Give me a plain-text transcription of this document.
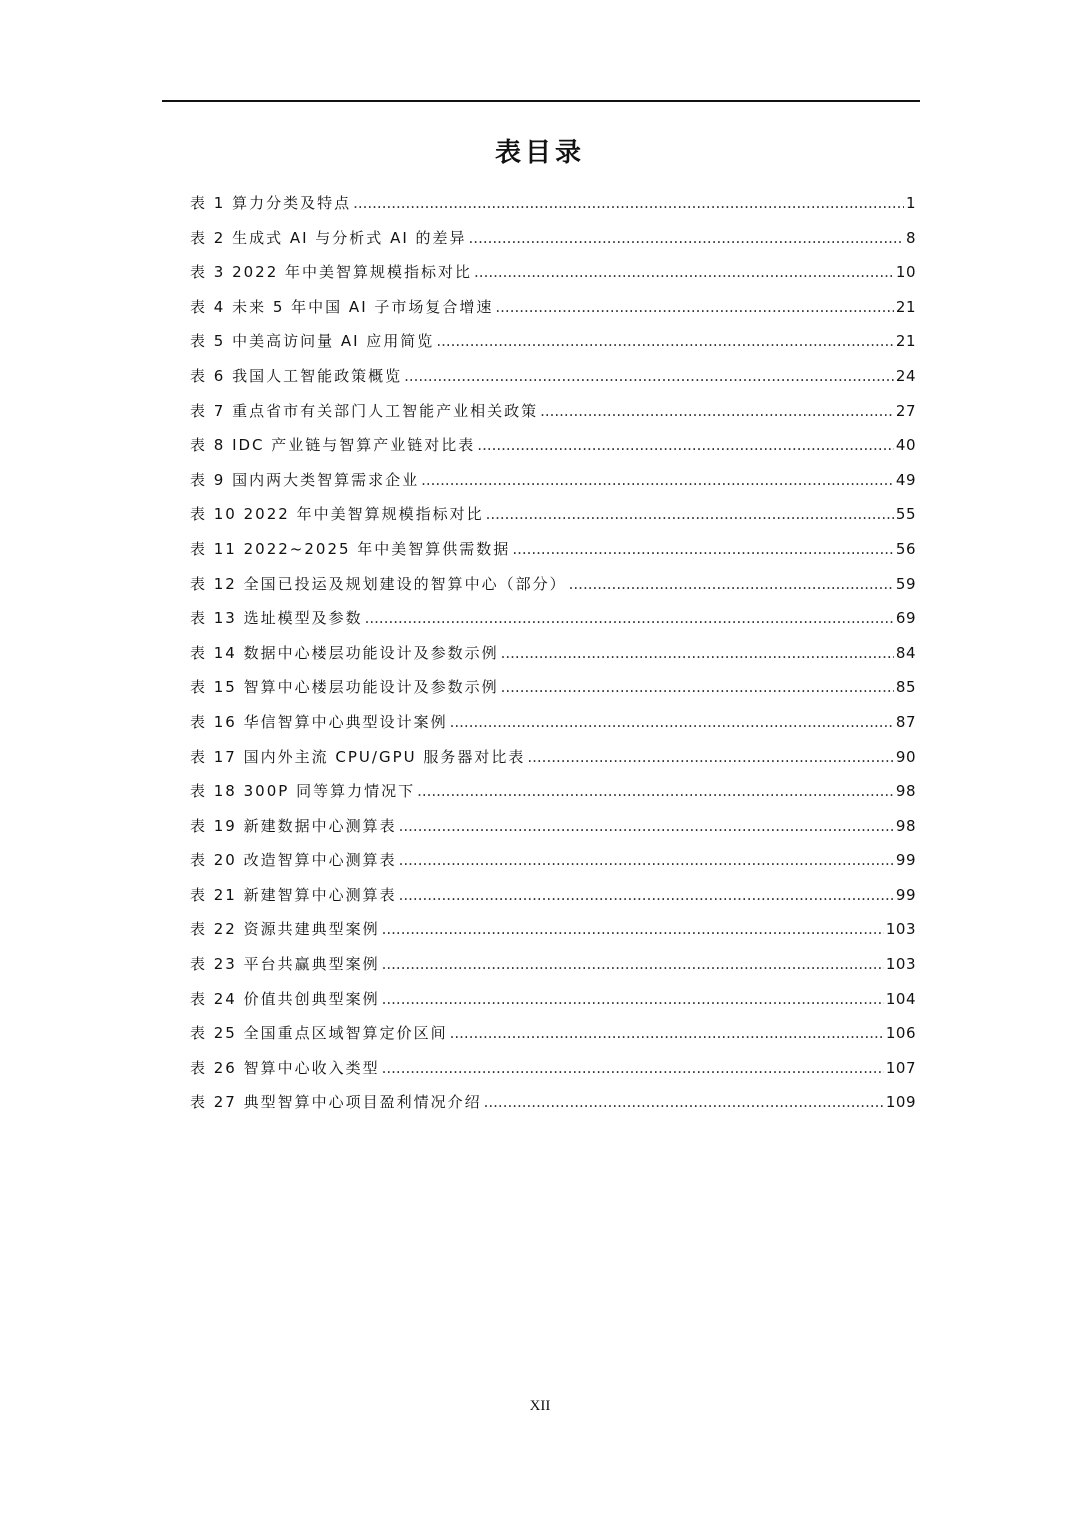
表目录
表 1 算力分类及特点 .....	1
表 2 生成式 AI 与分析式 AI 的差异 .....	8
表 3 2022 年中美智算规模指标对比 .....	10
表 4 未来 5 年中国 AI 子市场复合增速 .....	21
表 5 中美高访问量 AI 应用简览 .....	21
表 6 我国人工智能政策概览 .....	24
表 7 重点省市有关部门人工智能产业相关政策 .....	27
表 8 IDC 产业链与智算产业链对比表 .....	40
表 9 国内两大类智算需求企业 .....	49
表 10 2022 年中美智算规模指标对比 .....	55
表 11 2022~2025 年中美智算供需数据 .....	56
表 12 全国已投运及规划建设的智算中心（部分） .....	59
表 13 选址模型及参数 .....	69
表 14 数据中心楼层功能设计及参数示例 .....	84
表 15 智算中心楼层功能设计及参数示例 .....	85
表 16 华信智算中心典型设计案例 .....	87
表 17 国内外主流 CPU/GPU 服务器对比表 .....	90
表 18 300P 同等算力情况下 .....	98
表 19 新建数据中心测算表 .....	98
表 20 改造智算中心测算表 .....	99
表 21 新建智算中心测算表 .....	99
表 22 资源共建典型案例 .....	103
表 23 平台共赢典型案例 .....	103
表 24 价值共创典型案例 .....	104
表 25 全国重点区域智算定价区间 .....	106
表 26 智算中心收入类型 .....	107
表 27 典型智算中心项目盈利情况介绍 .....	109
XII
